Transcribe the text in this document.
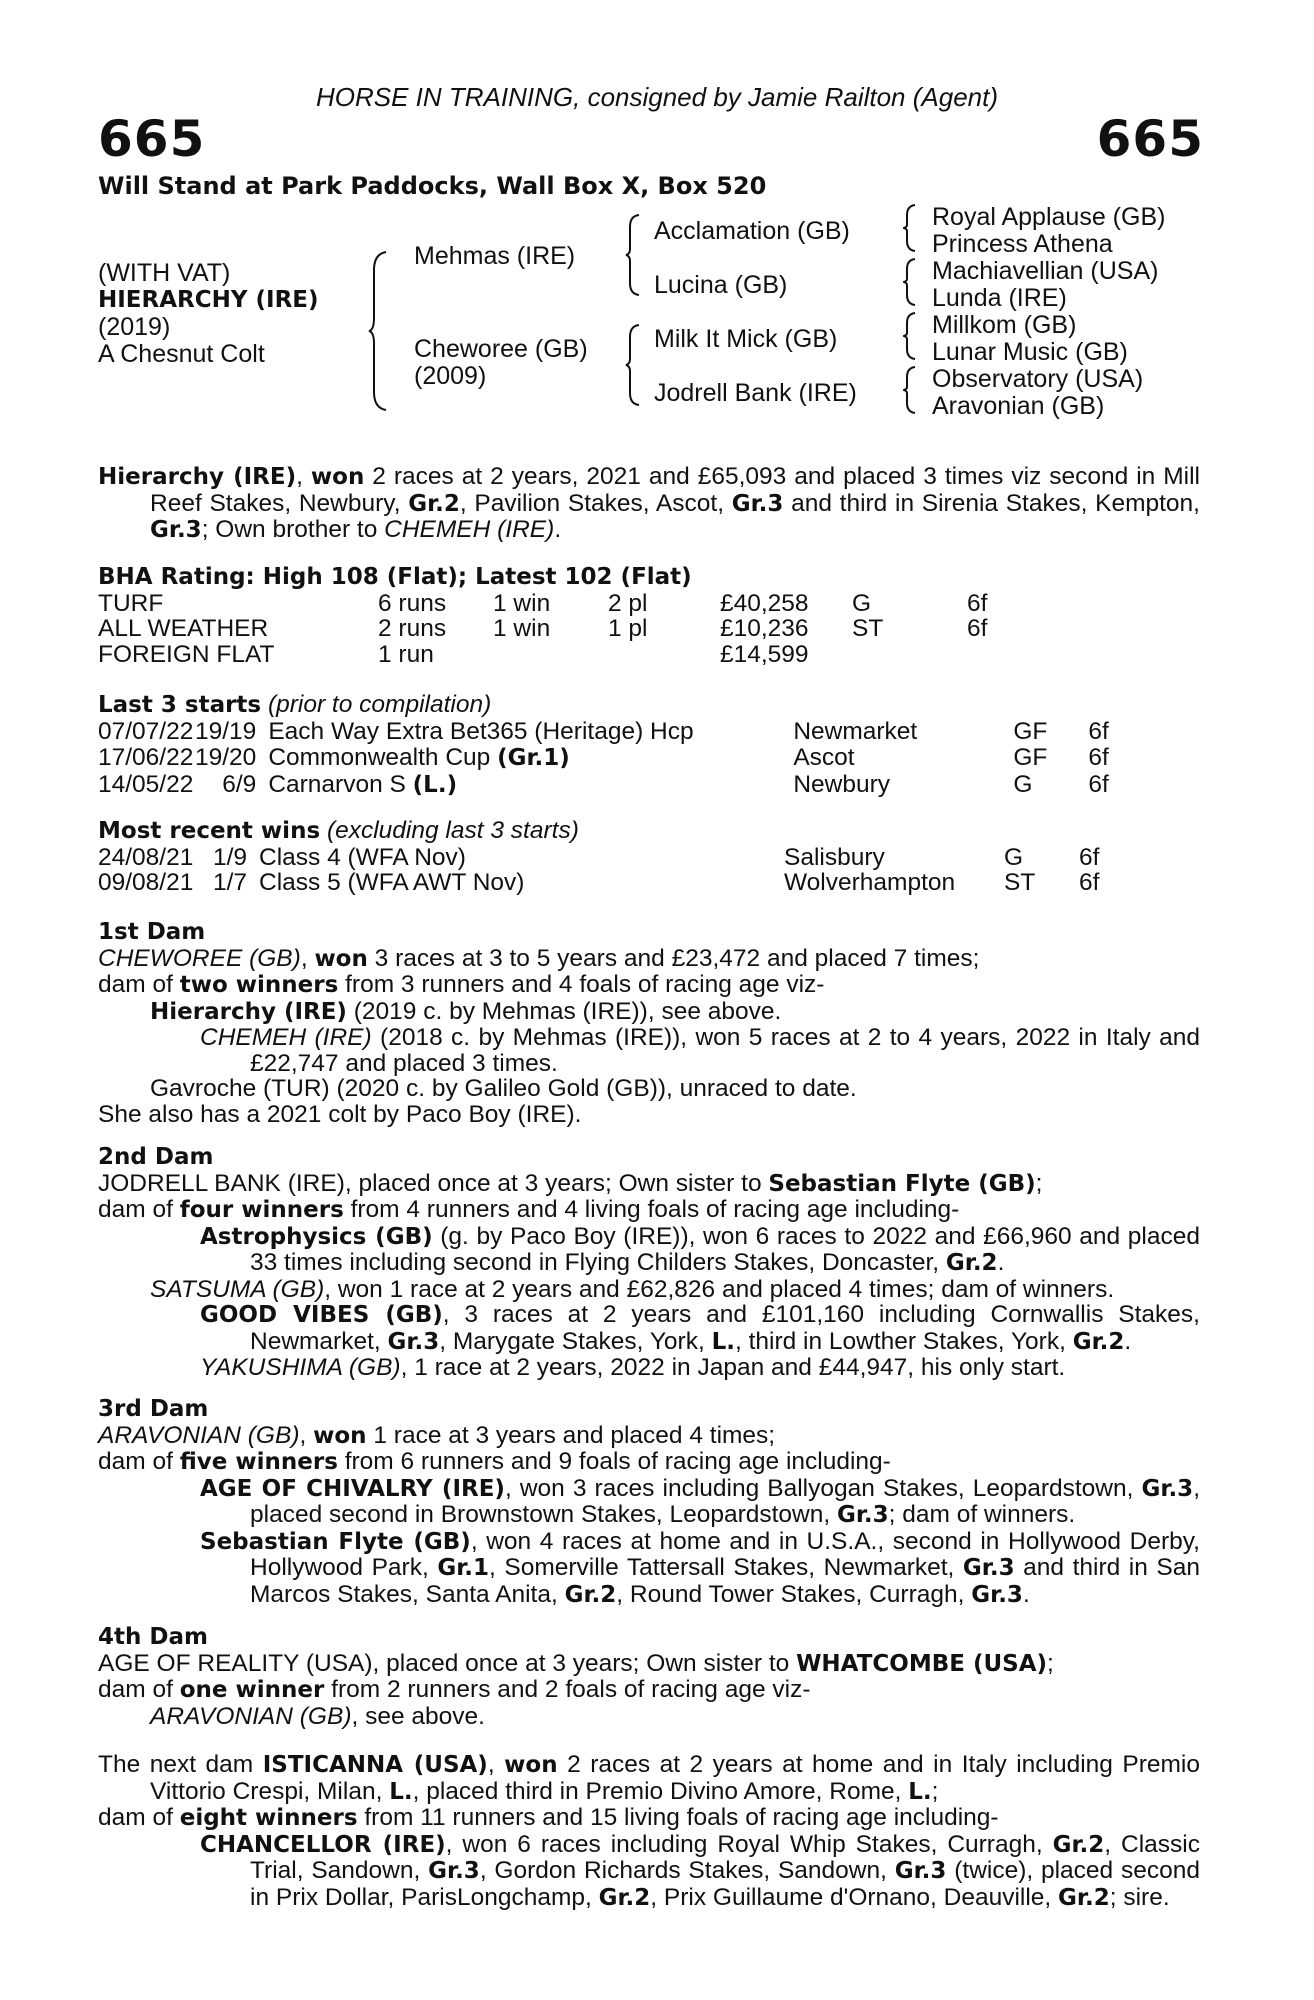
HORSE IN TRAINING, consigned by Jamie Railton (Agent)
665	665
Will Stand at Park Paddocks, Wall Box X, Box 520
(WITH VAT)
HIERARCHY (IRE)
(2019)
A Chesnut Colt
Mehmas (IRE)
Cheworee (GB)
(2009)
Acclamation (GB)
Lucina (GB)
Milk It Mick (GB)
Jodrell Bank (IRE)
Royal Applause (GB)
Princess Athena
Machiavellian (USA)
Lunda (IRE)
Millkom (GB)
Lunar Music (GB)
Observatory (USA)
Aravonian (GB)
Hierarchy (IRE), won 2 races at 2 years, 2021 and £65,093 and placed 3 times viz second in Mill Reef Stakes, Newbury, Gr.2, Pavilion Stakes, Ascot, Gr.3 and third in Sirenia Stakes, Kempton, Gr.3; Own brother to CHEMEH (IRE).
BHA Rating: High 108 (Flat); Latest 102 (Flat)
TURF	6 runs	1 win	2 pl	£40,258	G	6f
ALL WEATHER	2 runs	1 win	1 pl	£10,236	ST	6f
FOREIGN FLAT	1 run			£14,599		
Last 3 starts (prior to compilation)
07/07/22	19/19	Each Way Extra Bet365 (Heritage) Hcp	Newmarket	GF	6f
17/06/22	19/20	Commonwealth Cup (Gr.1)	Ascot	GF	6f
14/05/22	6/9	Carnarvon S (L.)	Newbury	G	6f
Most recent wins (excluding last 3 starts)
24/08/21	1/9	Class 4 (WFA Nov)	Salisbury	G	6f
09/08/21	1/7	Class 5 (WFA AWT Nov)	Wolverhampton	ST	6f
1st Dam
CHEWOREE (GB), won 3 races at 3 to 5 years and £23,472 and placed 7 times;
dam of two winners from 3 runners and 4 foals of racing age viz-
Hierarchy (IRE) (2019 c. by Mehmas (IRE)), see above.
CHEMEH (IRE) (2018 c. by Mehmas (IRE)), won 5 races at 2 to 4 years, 2022 in Italy and £22,747 and placed 3 times.
Gavroche (TUR) (2020 c. by Galileo Gold (GB)), unraced to date.
She also has a 2021 colt by Paco Boy (IRE).
2nd Dam
JODRELL BANK (IRE), placed once at 3 years; Own sister to Sebastian Flyte (GB);
dam of four winners from 4 runners and 4 living foals of racing age including-
Astrophysics (GB) (g. by Paco Boy (IRE)), won 6 races to 2022 and £66,960 and placed 33 times including second in Flying Childers Stakes, Doncaster, Gr.2.
SATSUMA (GB), won 1 race at 2 years and £62,826 and placed 4 times; dam of winners.
GOOD VIBES (GB), 3 races at 2 years and £101,160 including Cornwallis Stakes, Newmarket, Gr.3, Marygate Stakes, York, L., third in Lowther Stakes, York, Gr.2.
YAKUSHIMA (GB), 1 race at 2 years, 2022 in Japan and £44,947, his only start.
3rd Dam
ARAVONIAN (GB), won 1 race at 3 years and placed 4 times;
dam of five winners from 6 runners and 9 foals of racing age including-
AGE OF CHIVALRY (IRE), won 3 races including Ballyogan Stakes, Leopardstown, Gr.3, placed second in Brownstown Stakes, Leopardstown, Gr.3; dam of winners.
Sebastian Flyte (GB), won 4 races at home and in U.S.A., second in Hollywood Derby, Hollywood Park, Gr.1, Somerville Tattersall Stakes, Newmarket, Gr.3 and third in San Marcos Stakes, Santa Anita, Gr.2, Round Tower Stakes, Curragh, Gr.3.
4th Dam
AGE OF REALITY (USA), placed once at 3 years; Own sister to WHATCOMBE (USA);
dam of one winner from 2 runners and 2 foals of racing age viz-
ARAVONIAN (GB), see above.
The next dam ISTICANNA (USA), won 2 races at 2 years at home and in Italy including Premio Vittorio Crespi, Milan, L., placed third in Premio Divino Amore, Rome, L.;
dam of eight winners from 11 runners and 15 living foals of racing age including-
CHANCELLOR (IRE), won 6 races including Royal Whip Stakes, Curragh, Gr.2, Classic Trial, Sandown, Gr.3, Gordon Richards Stakes, Sandown, Gr.3 (twice), placed second in Prix Dollar, ParisLongchamp, Gr.2, Prix Guillaume d'Ornano, Deauville, Gr.2; sire.
